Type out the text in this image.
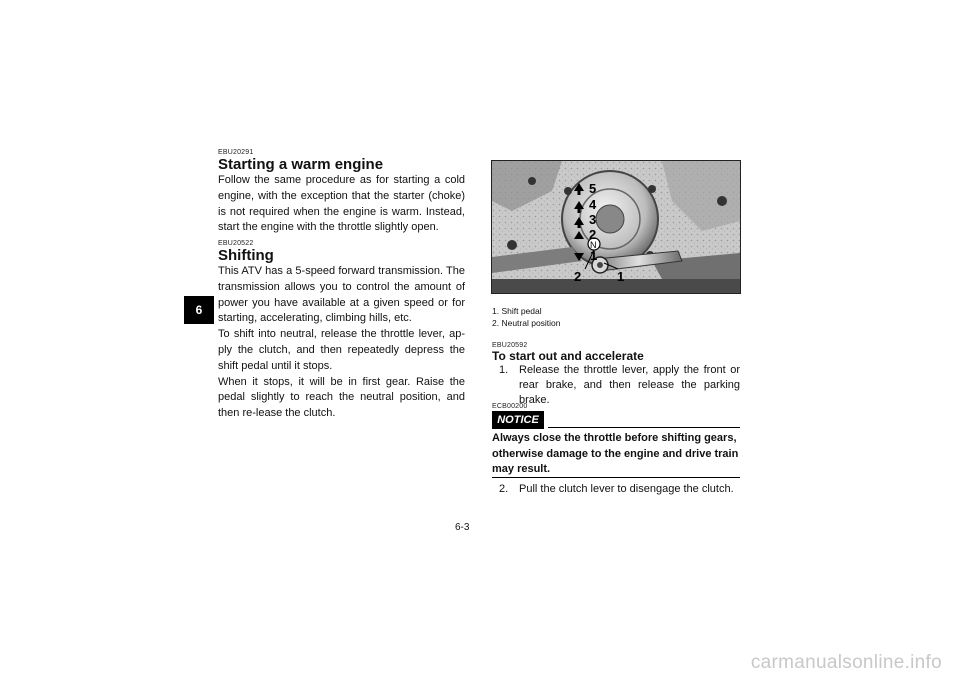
EBU20291
Starting a warm engine

Follow the same procedure as for starting a cold engine, with the exception that the starter (choke) is not required when the engine is warm. Instead, start the engine with the throttle slightly open.

EBU20522
Shifting

This ATV has a 5-speed forward transmission. The transmission allows you to control the amount of power you have available at a given speed or for starting, accelerating, climbing hills, etc.

To shift into neutral, release the throttle lever, ap-ply the clutch, and then repeatedly depress the shift pedal until it stops.

When it stops, it will be in first gear. Raise the pedal slightly to reach the neutral position, and then re-lease the clutch.

6
5
4
3
2
N
1
2	1
1. Shift pedal
2. Neutral position
EBU20592
To start out and accelerate
1. Release the throttle lever, apply the front or rear brake, and then release the parking brake.
ECB00200
NOTICE
Always close the throttle before shifting gears, otherwise damage to the engine and drive train may result.
2. Pull the clutch lever to disengage the clutch.
6-3
carmanualsonline.info
